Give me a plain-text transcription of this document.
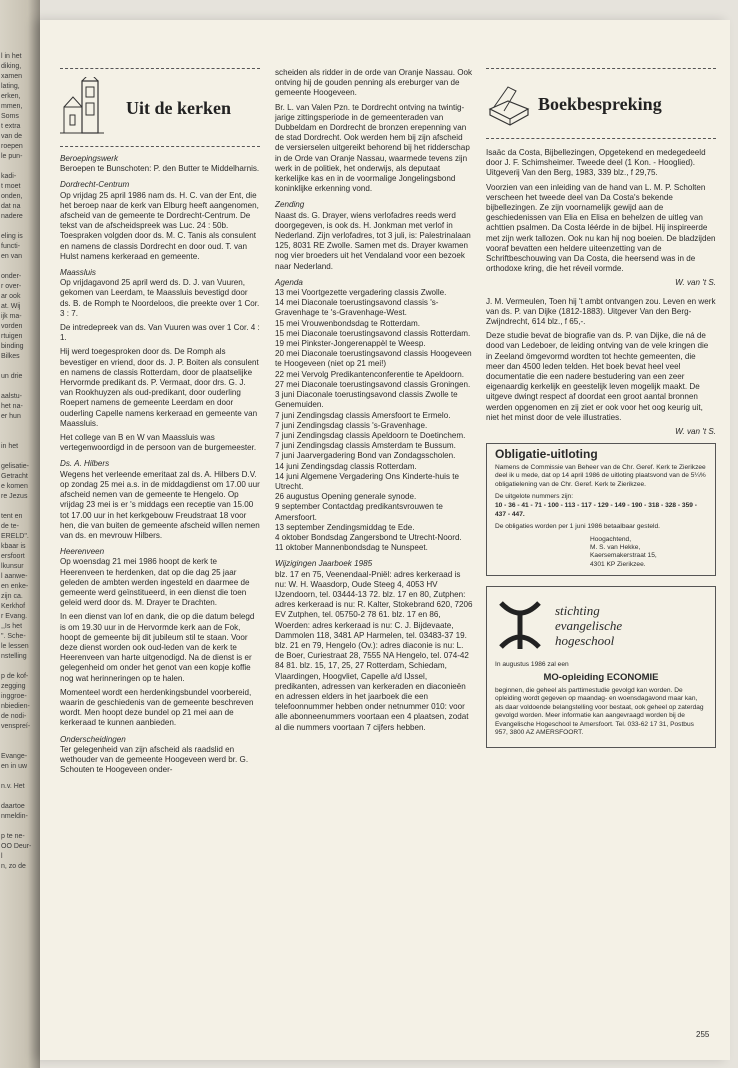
l in het
diking,
xamen
lating,
erken,
mmen,
Soms
t extra
van de
roepen
le pun-

kadi-
t moet
onden,
dat na
nadere

eling is
functi-
en van

onder-
r over-
ar ook
at. Wij
ijk ma-
vorden
rtuigen
binding
Bilkes

un drie

aalstu-
het na-
er hun

in het

gelisatie-
Getracht
e komen
re Jezus

tent en
de te-
ERELD".
kbaar is
ersfoort
lkunsur
l aanwe-
en enke-
zijn ca.
Kerkhof
r Evang.
,,Is het
". Sche-
le lessen
nstelling

p de kof-
zegging
inggroe-
nbiedien-
de nodi-
venspreí-

Evange-
en in uw

n.v. Het

daartoe
nmeldin-

p te ne-
OO Deur-
l
n, zo de
Uit de kerken
Beroepingswerk

Beroepen te Bunschoten: P. den Butter te Middelharnis.

Dordrecht-Centrum

Op vrijdag 25 april 1986 nam ds. H. C. van der Ent, die het beroep naar de kerk van Elburg heeft aangenomen, afscheid van de gemeente te Dordrecht-Centrum. De tekst van de afscheidspreek was Luc. 24 : 50b. Toespraken volgden door ds. M. C. Tanis als consulent en namens de classis Dordrecht en door oud. T. van Hulst namens kerkeraad en gemeente.

Maassluis

Op vrijdagavond 25 april werd ds. D. J. van Vuuren, gekomen van Leerdam, te Maassluis bevestigd door ds. B. de Romph te Noordeloos, die preekte over 1 Cor. 3 : 7.

De intredepreek van ds. Van Vuuren was over 1 Cor. 4 : 1.

Hij werd toegesproken door ds. De Romph als bevestiger en vriend, door ds. J. P. Boiten als consulent en namens de classis Rotterdam, door de plaatselijke Hervormde predikant ds. P. Vermaat, door drs. G. J. van Rookhuyzen als oud-predikant, door ouderling Roepert namens de gemeente Leerdam en door ouderling Capelle namens kerkeraad en gemeente van Maassluis.

Het college van B en W van Maassluis was vertegenwoordigd in de persoon van de burgemeester.

Ds. A. Hilbers

Wegens het verleende emeritaat zal ds. A. Hilbers D.V. op zondag 25 mei a.s. in de middagdienst om 17.00 uur afscheid nemen van de gemeente te Hengelo. Op vrijdag 23 mei is er 's middags een receptie van 15.00 tot 17.00 uur in het kerkgebouw Freudstraat 18 voor hen, die van buiten de gemeente afscheid willen nemen van ds. en mevrouw Hilbers.

Heerenveen

Op woensdag 21 mei 1986 hoopt de kerk te Heerenveen te herdenken, dat op die dag 25 jaar geleden de ambten werden ingesteld en daarmee de gemeente werd geïnstitueerd, in een dienst die toen geleid werd door ds. M. Drayer te Drachten.

In een dienst van lof en dank, die op die datum belegd is om 19.30 uur in de Hervormde kerk aan de Fok, hoopt de gemeente bij dit jubileum stil te staan. Voor deze dienst worden ook oud-leden van de kerk te Heerenveen van harte uitgenodigd. Na de dienst is er gelegenheid om onder het genot van een kopje koffie nog wat herinneringen op te halen.

Momenteel wordt een herdenkingsbundel voorbereid, waarin de geschiedenis van de gemeente beschreven wordt. Men hoopt deze bundel op 21 mei aan de kerkeraad te kunnen aanbieden.

Onderscheidingen

Ter gelegenheid van zijn afscheid als raadslid en wethouder van de gemeente Hoogeveen werd br. G. Schouten te Hoogeveen onder-

scheiden als ridder in de orde van Oranje Nassau. Ook ontving hij de gouden penning als ereburger van de gemeente Hoogeveen.

Br. L. van Valen Pzn. te Dordrecht ontving na twintig-jarige zittingsperiode in de gemeenteraden van Dubbeldam en Dordrecht de bronzen erepenning van de stad Dordrecht. Ook werden hem bij zijn afscheid de versierselen uitgereikt behorend bij het ridderschap in de Orde van Oranje Nassau, waarmede tevens zijn werk in de politiek, het onderwijs, als deputaat kerkelijke kas en in de voormalige Jongelingsbond koninklijke erkenning vond.

Zending

Naast ds. G. Drayer, wiens verlofadres reeds werd doorgegeven, is ook ds. H. Jonkman met verlof in Nederland. Zijn verlofadres, tot 3 juli, is: Palestrinalaan 125, 8031 RE Zwolle. Samen met ds. Drayer kwamen nog vier broeders uit het Vendaland voor een bezoek naar Nederland.

Agenda
13 mei Voortgezette vergadering classis Zwolle.
14 mei Diaconale toerustingsavond classis 's-Gravenhage te 's-Gravenhage-West.
15 mei Vrouwenbondsdag te Rotterdam.
15 mei Diaconale toerustingsavond classis Rotterdam.
19 mei Pinkster-Jongerenappèl te Weesp.
20 mei Diaconale toerustingsavond classis Hoogeveen te Hoogeveen (niet op 21 mei!)
22 mei Vervolg Predikantenconferentie te Apeldoorn.
27 mei Diaconale toerustingsavond classis Groningen.
3 juni Diaconale toerustingsavond classis Zwolle te Genemuiden.
7 juni Zendingsdag classis Amersfoort te Ermelo.
7 juni Zendingsdag classis 's-Gravenhage.
7 juni Zendingsdag classis Apeldoorn te Doetinchem.
7 juni Zendingsdag classis Amsterdam te Bussum.
7 juni Jaarvergadering Bond van Zondagsscholen.
14 juni Zendingsdag classis Rotterdam.
14 juni Algemene Vergadering Ons Kinderte-huis te Utrecht.
26 augustus Opening generale synode.
9 september Contactdag predikantsvrouwen te Amersfoort.
13 september Zendingsmiddag te Ede.
4 oktober Bondsdag Zangersbond te Utrecht-Noord.
11 oktober Mannenbondsdag te Nunspeet.
Wijzigingen Jaarboek 1985

blz. 17 en 75, Veenendaal-Pniël: adres kerkeraad is nu: W. H. Waasdorp, Oude Steeg 4, 4053 HV IJzendoorn, tel. 03444-13 72. blz. 17 en 80, Zutphen: adres kerkeraad is nu: R. Kalter, Stokebrand 620, 7206 EV Zutphen, tel. 05750-2 78 61. blz. 17 en 86, Woerden: adres kerkeraad is nu: C. J. Bijdevaate, Dammolen 118, 3481 AP Harmelen, tel. 03483-37 19. blz. 21 en 79, Hengelo (Ov.): adres diaconie is nu: L. de Boer, Curiestraat 28, 7555 NA Hengelo, tel. 074-42 84 81. blz. 15, 17, 25, 27 Rotterdam, Schiedam, Vlaardingen, Hoogvliet, Capelle a/d IJssel, predikanten, adressen van kerkeraden en diaconieën en adressen elders in het jaarboek die een telefoonnummer hebben onder netnummer 010: voor alle abonneenummers voortaan een 4 plaatsen, zodat al die nummers voortaan 7 cijfers hebben.

Boekbespreking

Isaäc da Costa, Bijbellezingen, Opgetekend en medegedeeld door J. F. Schimsheimer. Tweede deel (1 Kon. - Hooglied). Uitgeverij Van den Berg, 1983, 339 blz., f 29,75.

Voorzien van een inleiding van de hand van L. M. P. Scholten verscheen het tweede deel van Da Costa's bekende bijbellezingen. Ze zijn voornamelijk gewijd aan de geschiedenissen van Elia en Elisa en behelzen de uitleg van achttien psalmen. Da Costa léérde in de bijbel. Hij inspireerde met zijn werk tallozen. Ook nu kan hij nog boeien. De bladzijden vooraf bevatten een heldere uiteenzetting van de Schriftbeschouwing van Da Costa, die heersend was in de orthodoxe kring, die het réveil vormde.

W. van 't S.

J. M. Vermeulen, Toen hij 't ambt ontvangen zou. Leven en werk van ds. P. van Dijke (1812-1883). Uitgever Van den Berg-Zwijndrecht, 614 blz., f 65,-.

Deze studie bevat de biografie van ds. P. van Dijke, die ná de dood van Ledeboer, de leiding ontving van de vele kringen die in Zeeland ömgevormd wordten tot hechte gemeenten, die meer dan 4500 leden telden. Het boek bevat heel veel documentatie die een nadere bestudering van een zeer eigenaardig kerkelijk en geestelijk leven mogelijk maakt. De uitgeve dwingt respect af doordat een groot aantal bronnen werden opgenomen en zij ziet er ook voor het oog keurig uit, niet het minst door de vele illustraties.

W. van 't S.

Obligatie-uitloting

Namens de Commissie van Beheer van de Chr. Geref. Kerk te Zierikzee deel ik u mede, dat op 14 april 1986 de uitloting plaatsvond van de 5¼% obligatielening van de Chr. Geref. Kerk te Zierikzee.

De uitgelote nummers zijn:

10 - 36 - 41 - 71 - 100 - 113 - 117 - 129 - 149 - 190 - 318 - 328 - 359 - 437 - 447.

De obligaties worden per 1 juni 1986 betaalbaar gesteld.

Hoogachtend,
M. S. van Hekke,
Kaersemakerstraat 15,
4301 KP Zierikzee.
stichting
evangelische
hogeschool

In augustus 1986 zal een

MO-opleiding ECONOMIE

beginnen, die geheel als parttimestudie gevolgd kan worden. De opleiding wordt gegeven op maandag- en woensdagavond maar kan, als daar voldoende belangstelling voor bestaat, ook geheel op zaterdag gevolgd worden. Meer informatie kan aangevraagd worden bij de Evangelische Hogeschool te Amersfoort. Tel. 033-62 17 31, Postbus 957, 3800 AZ AMERSFOORT.

255
